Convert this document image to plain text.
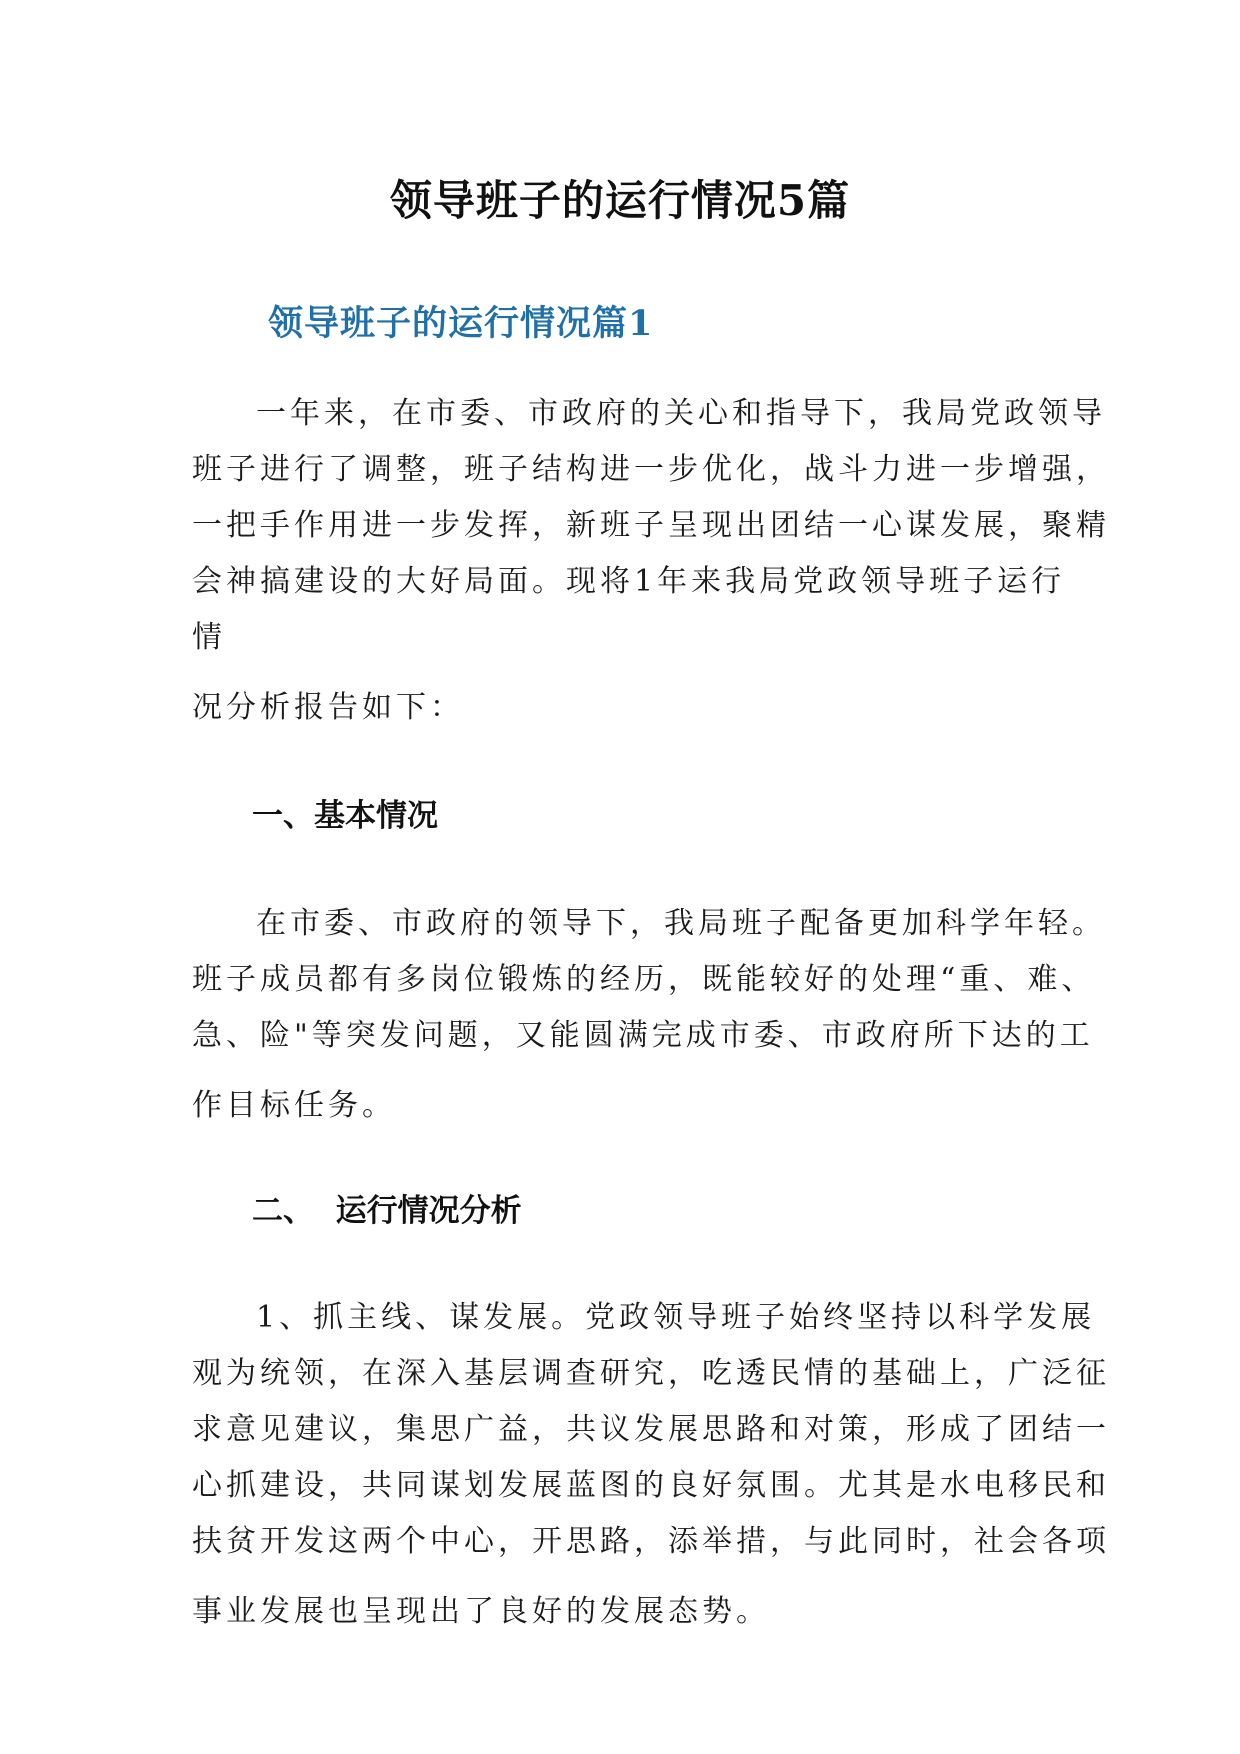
领导班子的运行情况5篇
领导班子的运行情况篇1

一年来，在市委、市政府的关心和指导下，我局党政领导

班子进行了调整，班子结构进一步优化，战斗力进一步增强，

一把手作用进一步发挥，新班子呈现出团结一心谋发展，聚精

会神搞建设的大好局面。现将1年来我局党政领导班子运行

情

况分析报告如下：

一、基本情况

在市委、市政府的领导下，我局班子配备更加科学年轻。

班子成员都有多岗位锻炼的经历，既能较好的处理“重、难、

急、险"等突发问题，又能圆满完成市委、市政府所下达的工

作目标任务。

二、  运行情况分析

1、抓主线、谋发展。党政领导班子始终坚持以科学发展

观为统领，在深入基层调查研究，吃透民情的基础上，广泛征

求意见建议，集思广益，共议发展思路和对策，形成了团结一

心抓建设，共同谋划发展蓝图的良好氛围。尤其是水电移民和

扶贫开发这两个中心，开思路，添举措，与此同时，社会各项

事业发展也呈现出了良好的发展态势。
